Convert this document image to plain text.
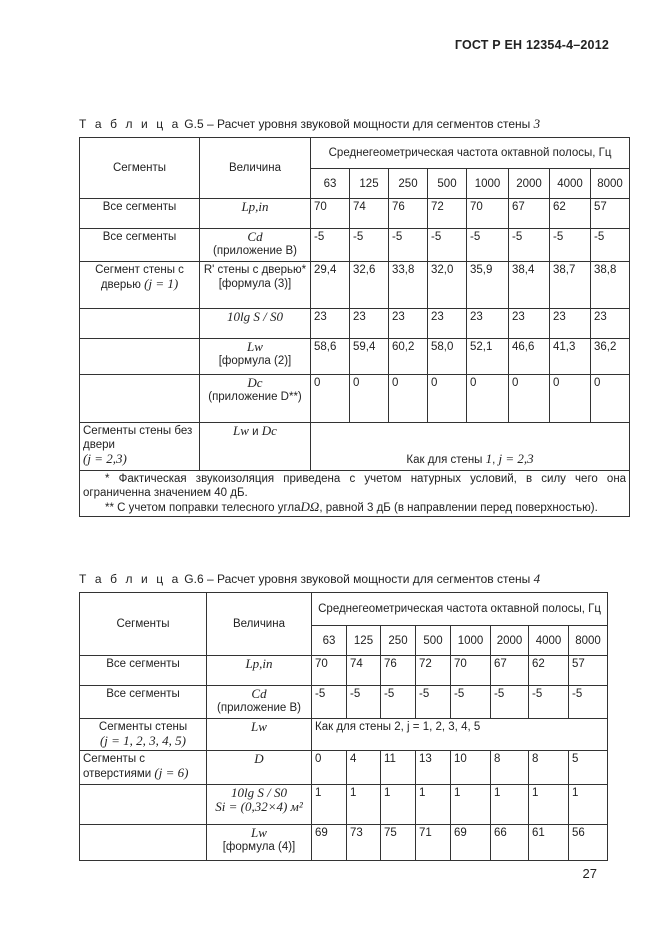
ГОСТ Р ЕН 12354-4–2012
Т а б л и ц а G.5 – Расчет уровня звуковой мощности для сегментов стены 3
Сегменты	Величина	Среднегеометрическая частота октавной полосы, Гц							
		63	125	250	500	1000	2000	4000	8000
Все сегменты	Lp,in	70	74	76	72	70	67	62	57
Все сегменты	Cd
(приложение В)	-5	-5	-5	-5	-5	-5	-5	-5
Сегмент стены с дверью (j = 1)	R' стены с дверью*
[формула (3)]	29,4	32,6	33,8	32,0	35,9	38,4	38,7	38,8
	10lg S / S0	23	23	23	23	23	23	23	23

	Lw
[формула (2)]	58,6	59,4	60,2	58,0	52,1	46,6	41,3	36,2

	Dc
(приложение D**)	0	0	0	0	0	0	0	0

Сегменты стены без двери
(j = 2,3)	Lw и Dc	Как для стены 1, j = 2,3							

* Фактическая звукоизоляция приведена с учетом натурных условий, в силу чего она ограниченна значением 40 дБ.

** С учетом поправки телесного углаDΩ, равной 3 дБ (в направлении перед поверхностью).									

Т а б л и ц а G.6 – Расчет уровня звуковой мощности для сегментов стены 4
Сегменты	Величина	Среднегеометрическая частота октавной полосы, Гц							
		63	125	250	500	1000	2000	4000	8000
Все сегменты	Lp,in	70	74	76	72	70	67	62	57
Все сегменты	Cd
(приложение В)	-5	-5	-5	-5	-5	-5	-5	-5

Сегменты стены
(j = 1, 2, 3, 4, 5)	Lw	Как для стены 2, j = 1, 2, 3, 4, 5							
Сегменты с отверстиями (j = 6)	D	0	4	11	13	10	8	8	5

	10lg S / S0
Si = (0,32×4) м²	1	1	1	1	1	1	1	1

	Lw
[формула (4)]	69	73	75	71	69	66	61	56
27
